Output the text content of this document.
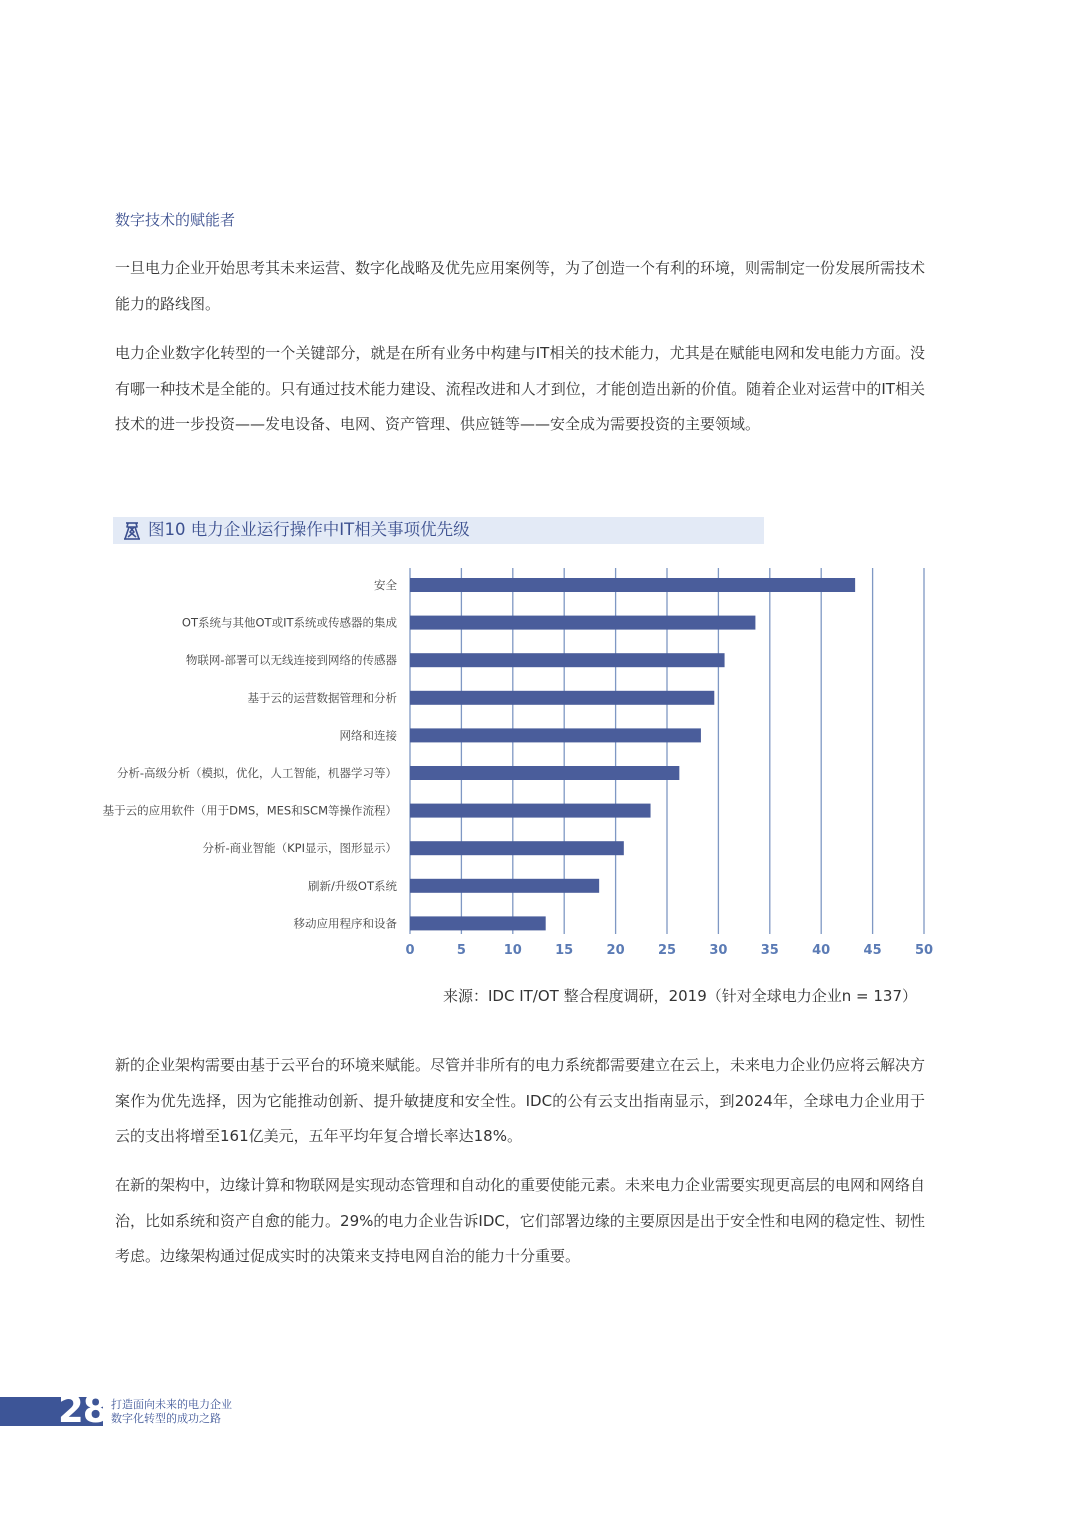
数字技术的赋能者
一旦电力企业开始思考其未来运营、数字化战略及优先应用案例等，为了创造一个有利的环境，则需制定一份发展所需技术能力的路线图。
电力企业数字化转型的一个关键部分，就是在所有业务中构建与IT相关的技术能力，尤其是在赋能电网和发电能力方面。没有哪一种技术是全能的。只有通过技术能力建设、流程改进和人才到位，才能创造出新的价值。随着企业对运营中的IT相关技术的进一步投资——发电设备、电网、资产管理、供应链等——安全成为需要投资的主要领域。
图10 电力企业运行操作中IT相关事项优先级
安全
OT系统与其他OT或IT系统或传感器的集成
物联网-部署可以无线连接到网络的传感器
基于云的运营数据管理和分析
网络和连接
分析-高级分析（模拟，优化，人工智能，机器学习等）
基于云的应用软件（用于DMS，MES和SCM等操作流程）
分析-商业智能（KPI显示，图形显示）
刷新/升级OT系统
移动应用程序和设备
0	5	10	15	20	25	30	35	40	45	50
来源：IDC IT/OT 整合程度调研，2019（针对全球电力企业n = 137）
新的企业架构需要由基于云平台的环境来赋能。尽管并非所有的电力系统都需要建立在云上，未来电力企业仍应将云解决方案作为优先选择，因为它能推动创新、提升敏捷度和安全性。IDC的公有云支出指南显示，到2024年，全球电力企业用于云的支出将增至161亿美元，五年平均年复合增长率达18%。
在新的架构中，边缘计算和物联网是实现动态管理和自动化的重要使能元素。未来电力企业需要实现更高层的电网和网络自治，比如系统和资产自愈的能力。29%的电力企业告诉IDC，它们部署边缘的主要原因是出于安全性和电网的稳定性、韧性考虑。边缘架构通过促成实时的决策来支持电网自治的能力十分重要。
28 打造面向未来的电力企业
数字化转型的成功之路
